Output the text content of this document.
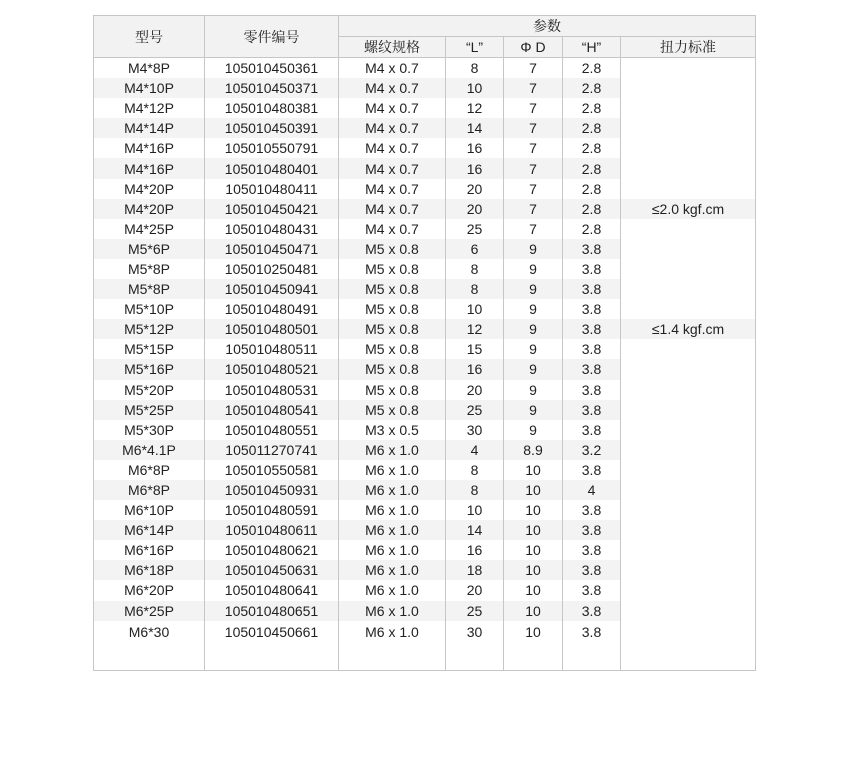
型号	零件编号	参数				
		螺纹规格	“L”	Φ D	“H”	扭力标准
M4*8P	105010450361	M4 x 0.7	8	7	2.8	
M4*10P	105010450371	M4 x 0.7	10	7	2.8	
M4*12P	105010480381	M4 x 0.7	12	7	2.8	
M4*14P	105010450391	M4 x 0.7	14	7	2.8	
M4*16P	105010550791	M4 x 0.7	16	7	2.8	
M4*16P	105010480401	M4 x 0.7	16	7	2.8	
M4*20P	105010480411	M4 x 0.7	20	7	2.8	
M4*20P	105010450421	M4 x 0.7	20	7	2.8	≤2.0 kgf.cm
M4*25P	105010480431	M4 x 0.7	25	7	2.8	
M5*6P	105010450471	M5 x 0.8	6	9	3.8	
M5*8P	105010250481	M5 x 0.8	8	9	3.8	
M5*8P	105010450941	M5 x 0.8	8	9	3.8	
M5*10P	105010480491	M5 x 0.8	10	9	3.8	
M5*12P	105010480501	M5 x 0.8	12	9	3.8	≤1.4 kgf.cm
M5*15P	105010480511	M5 x 0.8	15	9	3.8	
M5*16P	105010480521	M5 x 0.8	16	9	3.8	
M5*20P	105010480531	M5 x 0.8	20	9	3.8	
M5*25P	105010480541	M5 x 0.8	25	9	3.8	
M5*30P	105010480551	M3 x 0.5	30	9	3.8	
M6*4.1P	105011270741	M6 x 1.0	4	8.9	3.2	
M6*8P	105010550581	M6 x 1.0	8	10	3.8	
M6*8P	105010450931	M6 x 1.0	8	10	4	
M6*10P	105010480591	M6 x 1.0	10	10	3.8	
M6*14P	105010480611	M6 x 1.0	14	10	3.8	
M6*16P	105010480621	M6 x 1.0	16	10	3.8	
M6*18P	105010450631	M6 x 1.0	18	10	3.8	
M6*20P	105010480641	M6 x 1.0	20	10	3.8	
M6*25P	105010480651	M6 x 1.0	25	10	3.8	
M6*30	105010450661	M6 x 1.0	30	10	3.8	
